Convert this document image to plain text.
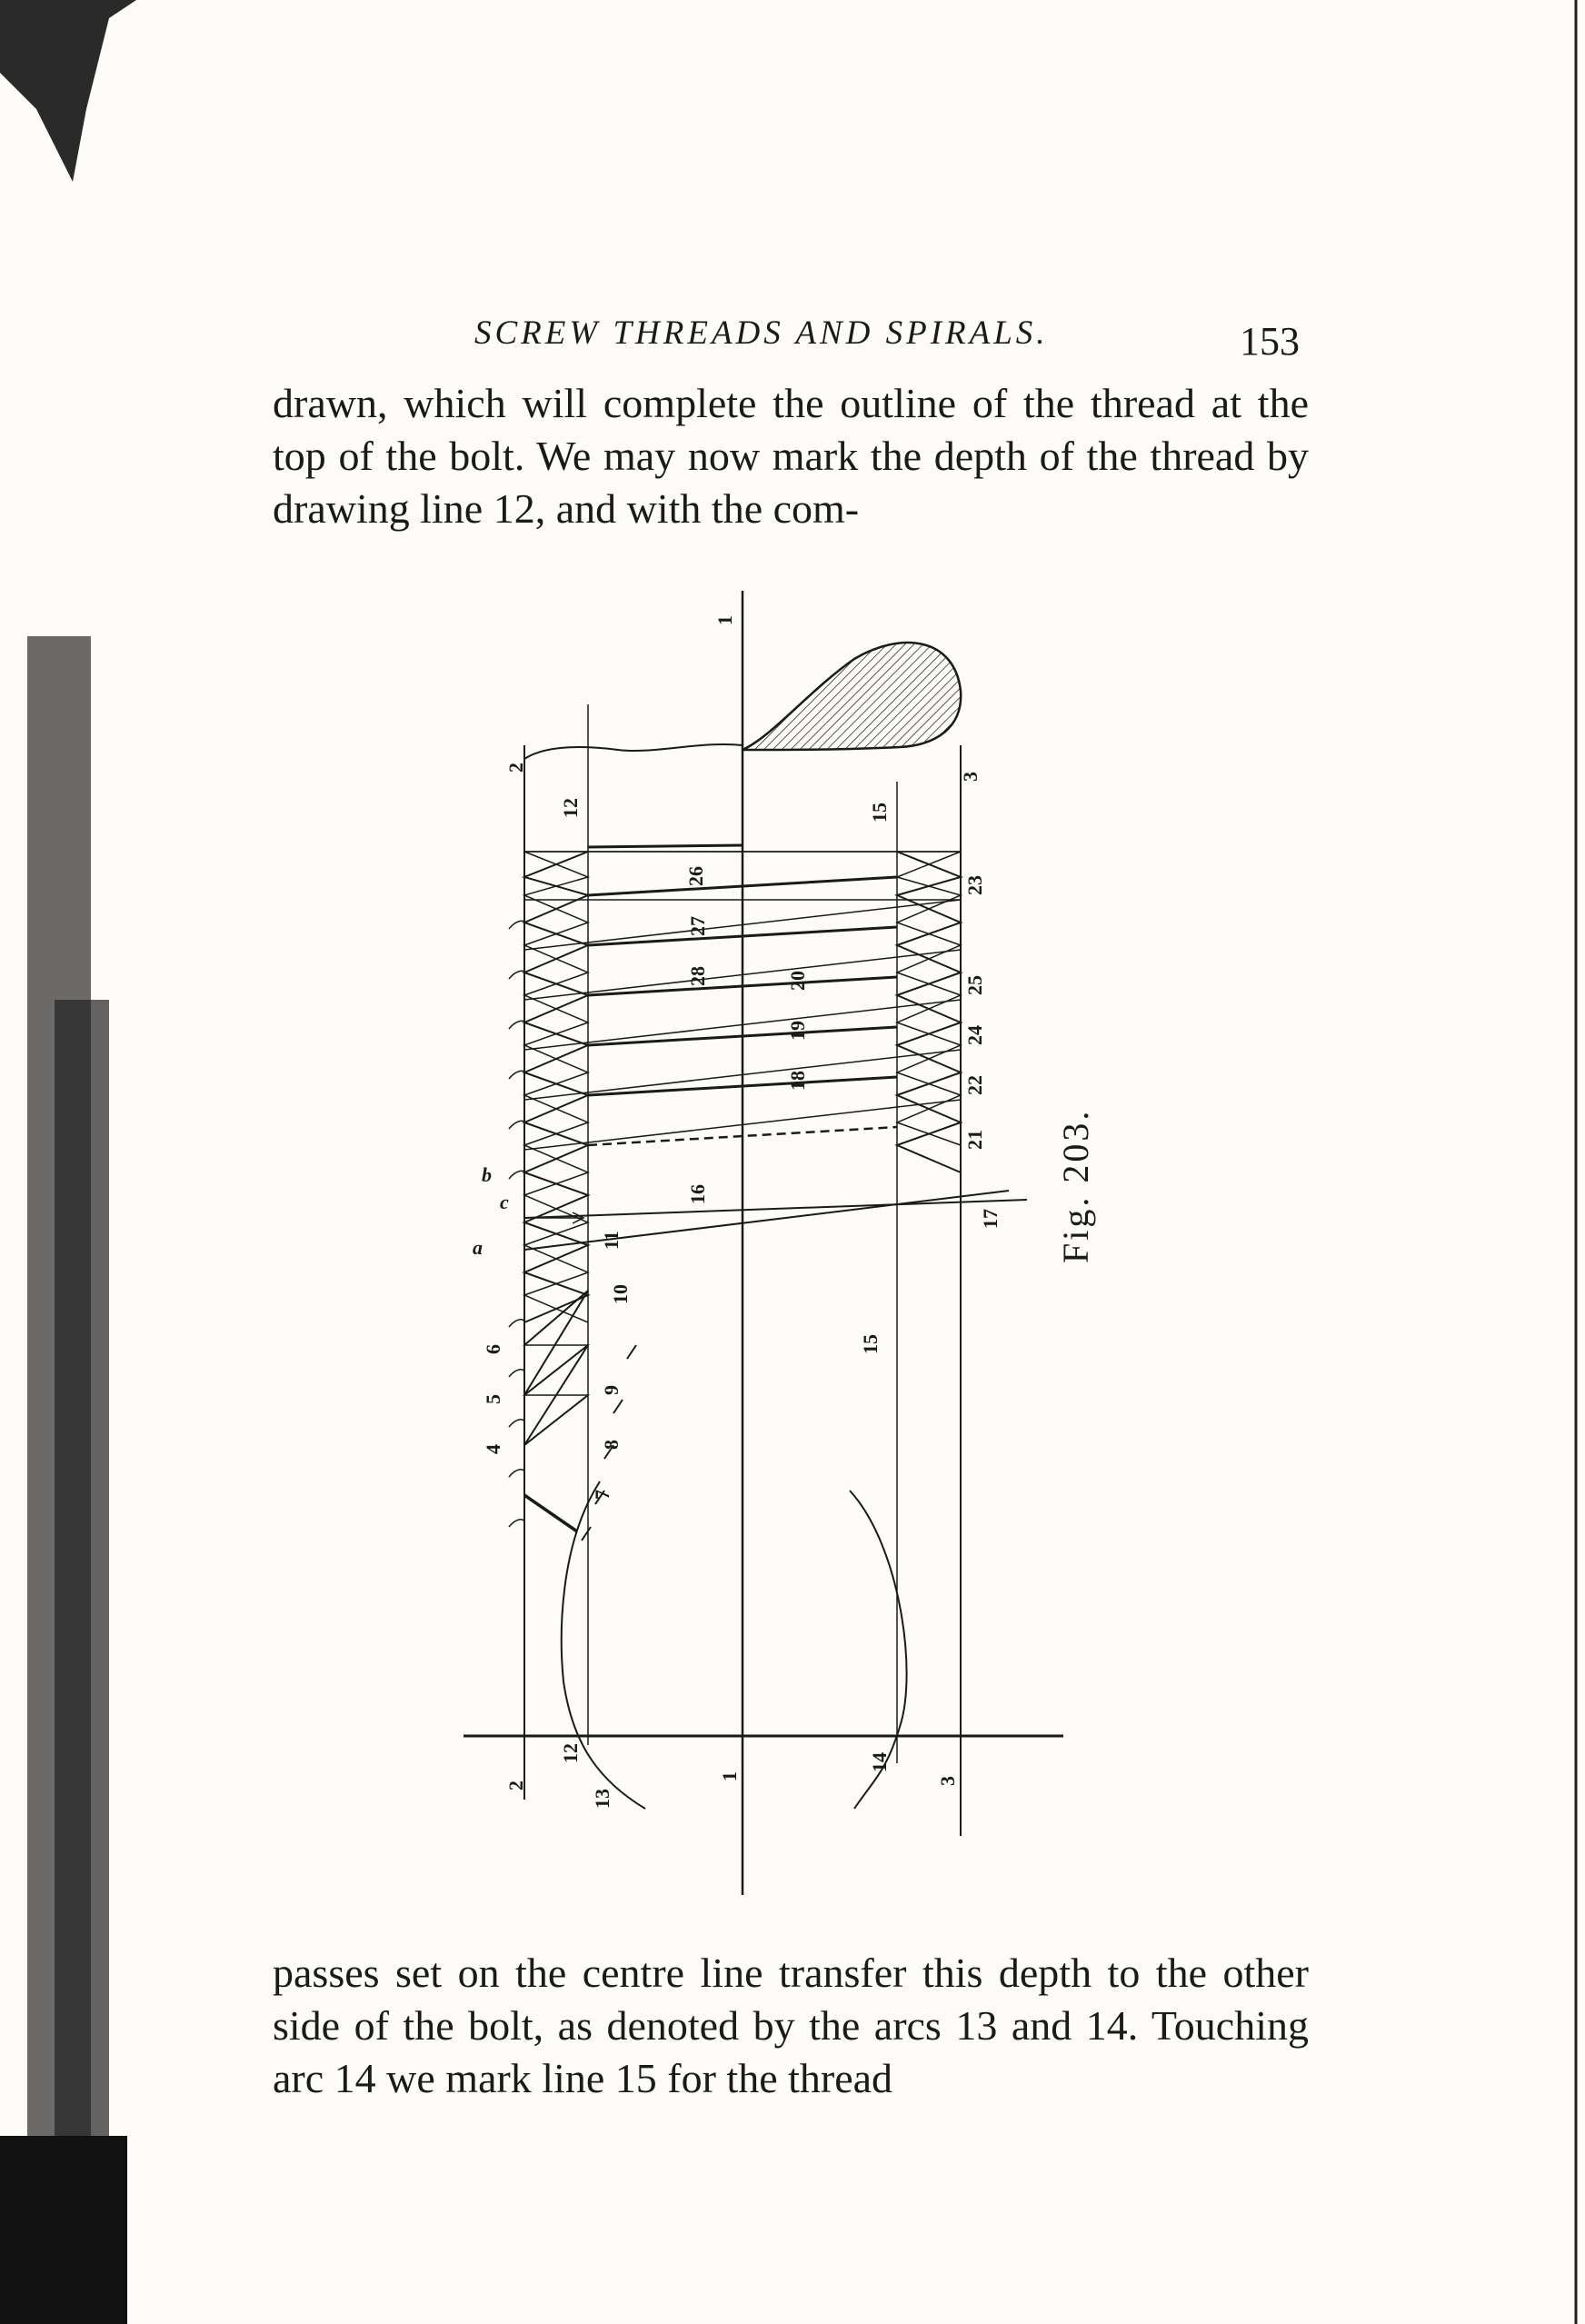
SCREW THREADS AND SPIRALS.	153

drawn, which will complete the outline of the thread at the top of the bolt. We may now mark the depth of the thread by drawing line 12, and with the com-

1
2
12	15
3
26	23
27
28	20	25
19	24
18	22
21
b
c
a
16
17
11
10
15
6
9
5
8
4
7
2
12
13
1
14
3
Fig. 203.

passes set on the centre line transfer this depth to the other side of the bolt, as denoted by the arcs 13 and 14. Touching arc 14 we mark line 15 for the thread
